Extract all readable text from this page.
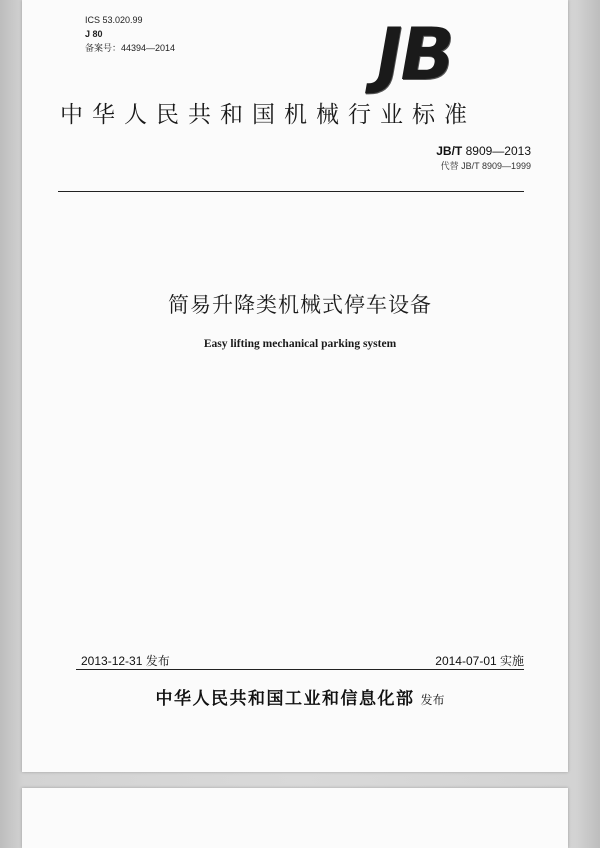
ICS 53.020.99
J 80
备案号：44394—2014	JB
中华人民共和国机械行业标准
JB/T 8909—2013
代替 JB/T 8909—1999
简易升降类机械式停车设备
Easy lifting mechanical parking system
2013-12-31 发布	2014-07-01 实施
中华人民共和国工业和信息化部 发布
